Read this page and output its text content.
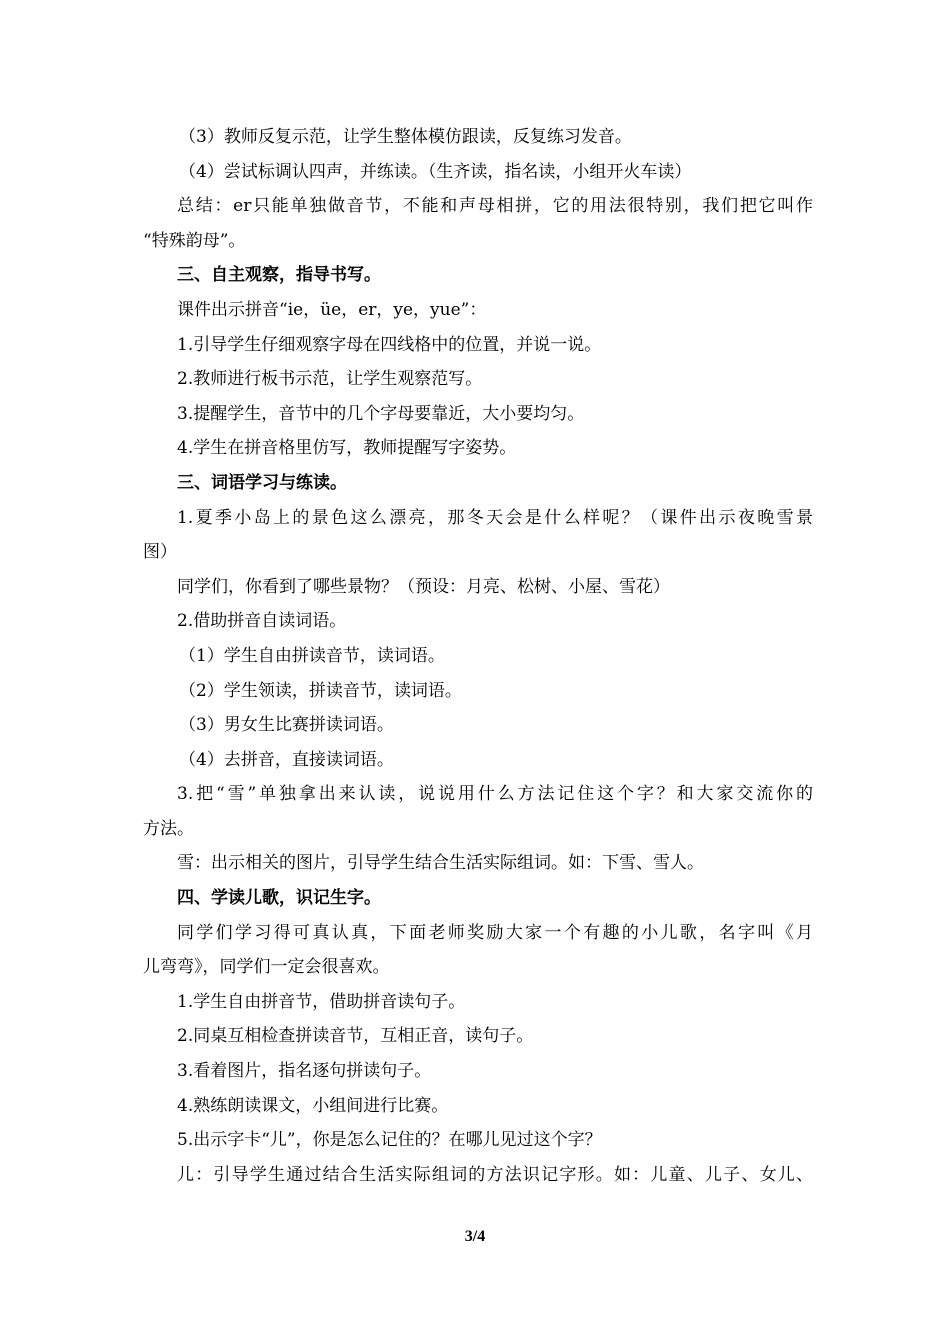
（3）教师反复示范，让学生整体模仿跟读，反复练习发音。
（4）尝试标调认四声，并练读。（生齐读，指名读，小组开火车读）
总结：er只能单独做音节，不能和声母相拼，它的用法很特别，我们把它叫作
“特殊韵母”。
三、自主观察，指导书写。
课件出示拼音“ie，üe，er，ye，yue”：
1.引导学生仔细观察字母在四线格中的位置，并说一说。
2.教师进行板书示范，让学生观察范写。
3.提醒学生，音节中的几个字母要靠近，大小要均匀。
4.学生在拼音格里仿写，教师提醒写字姿势。
三、词语学习与练读。
1.夏季小岛上的景色这么漂亮，那冬天会是什么样呢？（课件出示夜晚雪景
图）
同学们，你看到了哪些景物？（预设：月亮、松树、小屋、雪花）
2.借助拼音自读词语。
（1）学生自由拼读音节，读词语。
（2）学生领读，拼读音节，读词语。
（3）男女生比赛拼读词语。
（4）去拼音，直接读词语。
3.把“雪”单独拿出来认读，说说用什么方法记住这个字？和大家交流你的
方法。
雪：出示相关的图片，引导学生结合生活实际组词。如：下雪、雪人。
四、学读儿歌，识记生字。
同学们学习得可真认真，下面老师奖励大家一个有趣的小儿歌，名字叫《月
儿弯弯》，同学们一定会很喜欢。
1.学生自由拼音节，借助拼音读句子。
2.同桌互相检查拼读音节，互相正音，读句子。
3.看着图片，指名逐句拼读句子。
4.熟练朗读课文，小组间进行比赛。
5.出示字卡“儿”，你是怎么记住的？在哪儿见过这个字？
儿：引导学生通过结合生活实际组词的方法识记字形。如：儿童、儿子、女儿、
3/4
